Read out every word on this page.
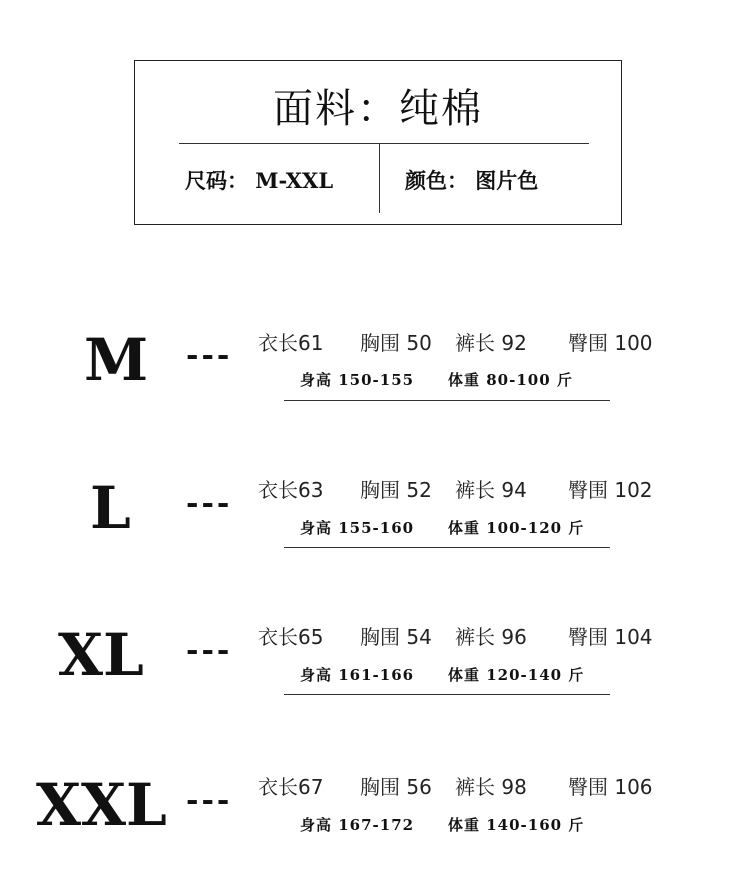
面料：纯棉
尺码： M-XXL	颜色： 图片色
M --- 衣长61 胸围 50 裤长 92 臀围 100
身高 150-155 体重 80-100 斤
L --- 衣长63 胸围 52 裤长 94 臀围 102
身高 155-160 体重 100-120 斤
XL --- 衣长65 胸围 54 裤长 96 臀围 104
身高 161-166 体重 120-140 斤
XXL --- 衣长67 胸围 56 裤长 98 臀围 106
身高 167-172 体重 140-160 斤
